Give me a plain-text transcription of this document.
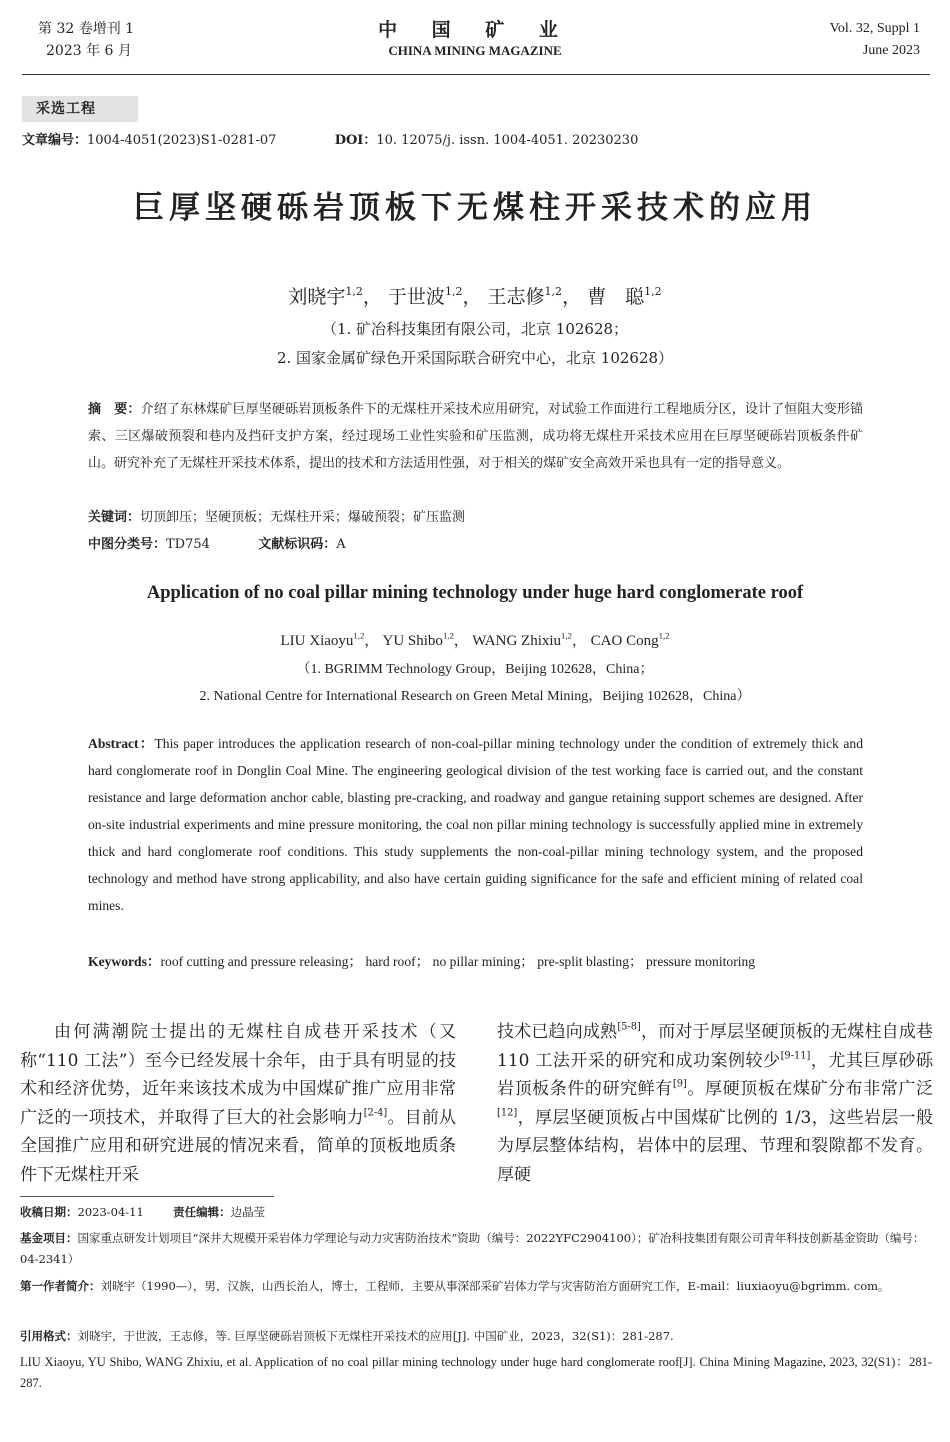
第 32 卷增刊 1
2023 年 6 月
中 国 矿 业
CHINA MINING MAGAZINE
Vol. 32, Suppl 1
June 2023
采选工程
文章编号：1004-4051(2023)S1-0281-07	DOI：10. 12075/j. issn. 1004-4051. 20230230
巨厚坚硬砾岩顶板下无煤柱开采技术的应用
刘晓宇$^{1,2}$， 于世波$^{1,2}$， 王志修$^{1,2}$， 曹　聪$^{1,2}$
（1. 矿冶科技集团有限公司，北京 102628；
2. 国家金属矿绿色开采国际联合研究中心，北京 102628）
摘　要：介绍了东林煤矿巨厚坚硬砾岩顶板条件下的无煤柱开采技术应用研究，对试验工作面进行工程地质分区，设计了恒阻大变形锚索、三区爆破预裂和巷内及挡矸支护方案，经过现场工业性实验和矿压监测，成功将无煤柱开采技术应用在巨厚坚硬砾岩顶板条件矿山。研究补充了无煤柱开采技术体系，提出的技术和方法适用性强，对于相关的煤矿安全高效开采也具有一定的指导意义。
关键词：切顶卸压；坚硬顶板；无煤柱开采；爆破预裂；矿压监测
中图分类号：TD754	文献标识码：A
Application of no coal pillar mining technology under huge hard conglomerate roof
LIU Xiaoyu$^{1,2}$， YU Shibo$^{1,2}$， WANG Zhixiu$^{1,2}$， CAO Cong$^{1,2}$
（1. BGRIMM Technology Group，Beijing 102628，China；
2. National Centre for International Research on Green Metal Mining，Beijing 102628，China）
Abstract：This paper introduces the application research of non-coal-pillar mining technology under the condition of extremely thick and hard conglomerate roof in Donglin Coal Mine. The engineering geological division of the test working face is carried out, and the constant resistance and large deformation anchor cable, blasting pre-cracking, and roadway and gangue retaining support schemes are designed. After on-site industrial experiments and mine pressure monitoring, the coal non pillar mining technology is successfully applied mine in extremely thick and hard conglomerate roof conditions. This study supplements the non-coal-pillar mining technology system, and the proposed technology and method have strong applicability, and also have certain guiding significance for the safe and efficient mining of related coal mines.
Keywords：roof cutting and pressure releasing； hard roof； no pillar mining； pre-split blasting； pressure monitoring
由何满潮院士提出的无煤柱自成巷开采技术（又称“110 工法”）至今已经发展十余年，由于具有明显的技术和经济优势，近年来该技术成为中国煤矿推广应用非常广泛的一项技术，并取得了巨大的社会影响力[2-4]。目前从全国推广应用和研究进展的情况来看，简单的顶板地质条件下无煤柱开采
技术已趋向成熟[5-8]，而对于厚层坚硬顶板的无煤柱自成巷 110 工法开采的研究和成功案例较少[9-11]，尤其巨厚砂砾岩顶板条件的研究鲜有[9]。厚硬顶板在煤矿分布非常广泛[12]，厚层坚硬顶板占中国煤矿比例的 1/3，这些岩层一般为厚层整体结构，岩体中的层理、节理和裂隙都不发育。厚硬
收稿日期：2023-04-11	责任编辑：边晶莹
基金项目：国家重点研发计划项目“深井大规模开采岩体力学理论与动力灾害防治技术”资助（编号：2022YFC2904100）；矿冶科技集团有限公司青年科技创新基金资助（编号：04-2341）
第一作者简介：刘晓宇（1990—），男，汉族，山西长治人，博士，工程师，主要从事深部采矿岩体力学与灾害防治方面研究工作，E-mail：liuxiaoyu@bgrimm. com。
引用格式：刘晓宇，于世波，王志修，等. 巨厚坚硬砾岩顶板下无煤柱开采技术的应用[J]. 中国矿业，2023，32(S1)：281-287.
LIU Xiaoyu, YU Shibo, WANG Zhixiu, et al. Application of no coal pillar mining technology under huge hard conglomerate roof[J]. China Mining Magazine, 2023, 32(S1)：281-287.
